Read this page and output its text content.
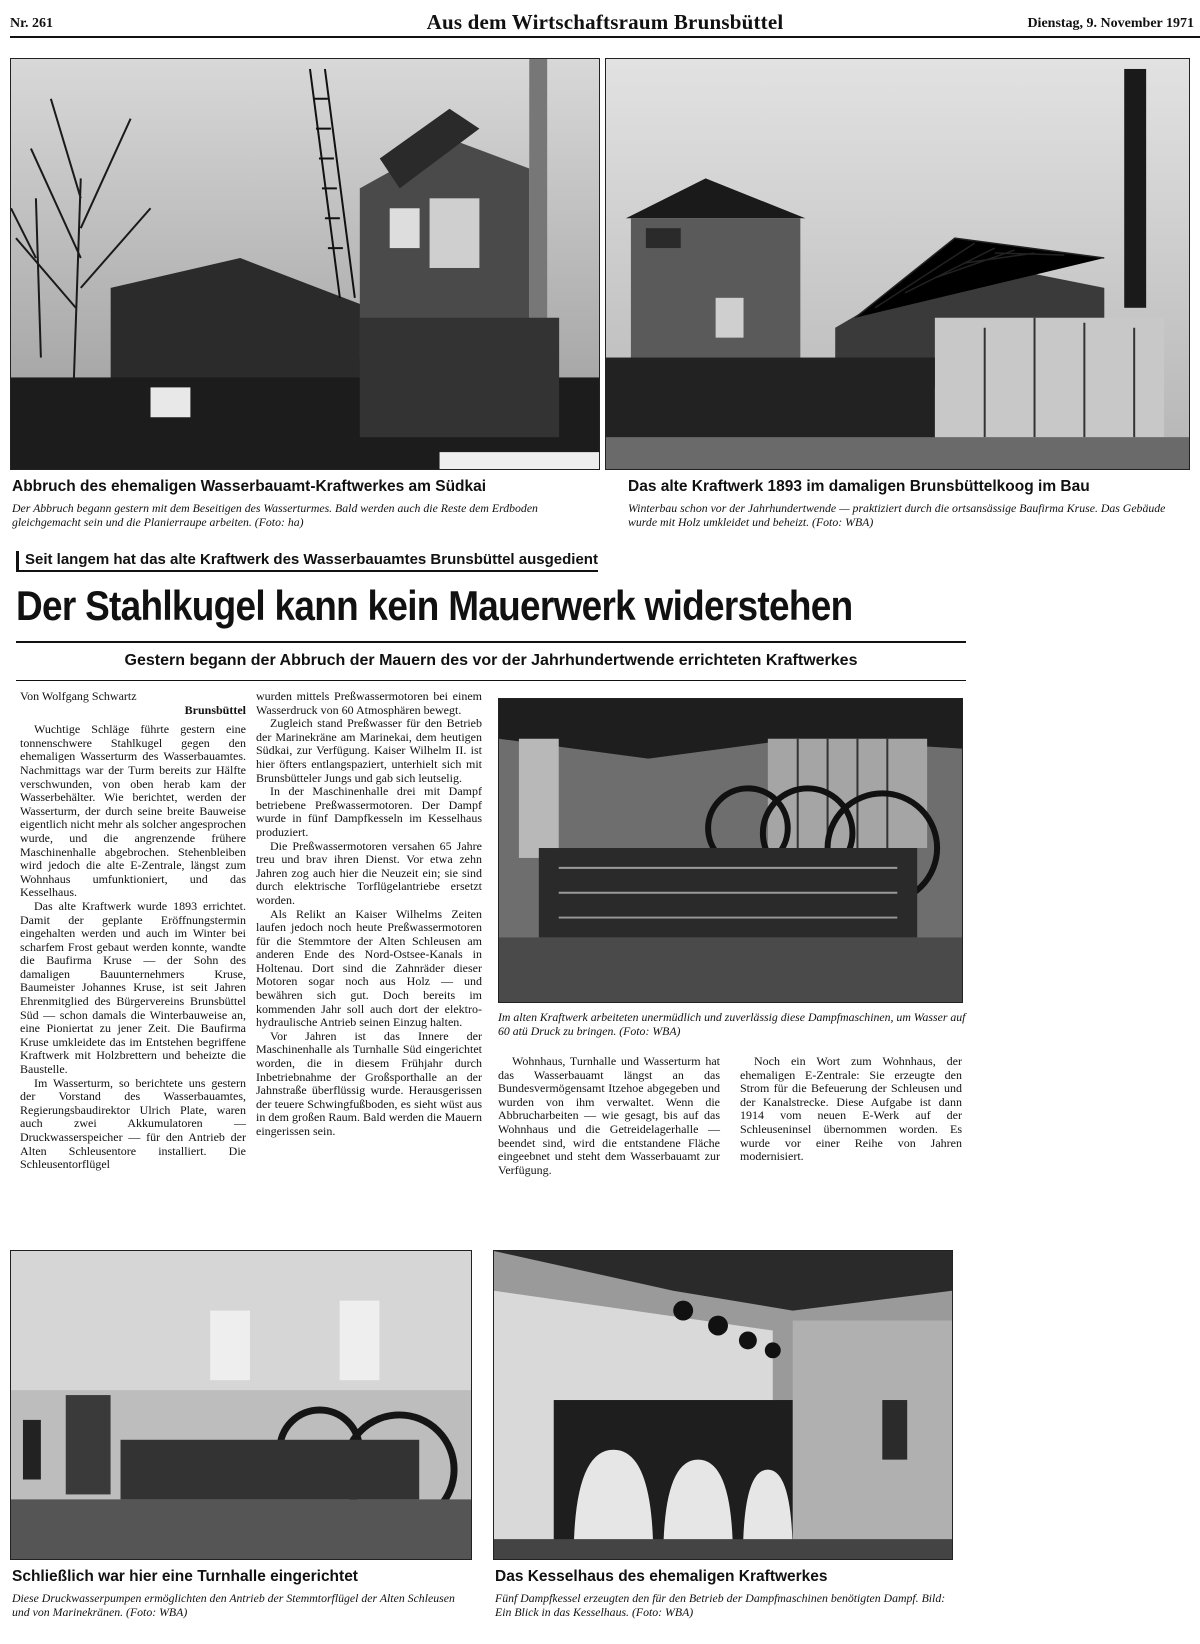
Nr. 261	Aus dem Wirtschaftsraum Brunsbüttel	Dienstag, 9. November 1971
Abbruch des ehemaligen Wasserbauamt-Kraftwerkes am Südkai
Der Abbruch begann gestern mit dem Beseitigen des Wasserturmes. Bald werden auch die Reste dem Erdboden gleichgemacht sein und die Planierraupe arbeiten. (Foto: ha)
Das alte Kraftwerk 1893 im damaligen Brunsbüttelkoog im Bau
Winterbau schon vor der Jahrhundertwende — praktiziert durch die ortsansässige Baufirma Kruse. Das Gebäude wurde mit Holz umkleidet und beheizt. (Foto: WBA)
Seit langem hat das alte Kraftwerk des Wasserbauamtes Brunsbüttel ausgedient
Der Stahlkugel kann kein Mauerwerk widerstehen
Gestern begann der Abbruch der Mauern des vor der Jahrhundertwende errichteten Kraftwerkes
Von Wolfgang Schwartz
Brunsbüttel

Wuchtige Schläge führte gestern eine tonnenschwere Stahlkugel gegen den ehemaligen Wasserturm des Wasserbauamtes. Nachmittags war der Turm bereits zur Hälfte verschwunden, von oben herab kam der Wasserbehälter. Wie berichtet, werden der Wasserturm, der durch seine breite Bauweise eigentlich nicht mehr als solcher angesprochen wurde, und die angrenzende frühere Maschinenhalle abgebrochen. Stehenbleiben wird jedoch die alte E-Zentrale, längst zum Wohnhaus umfunktioniert, und das Kesselhaus.

Das alte Kraftwerk wurde 1893 errichtet. Damit der geplante Eröffnungstermin eingehalten werden und auch im Winter bei scharfem Frost gebaut werden konnte, wandte die Baufirma Kruse — der Sohn des damaligen Bauunternehmers Kruse, Baumeister Johannes Kruse, ist seit Jahren Ehrenmitglied des Bürgervereins Brunsbüttel Süd — schon damals die Winterbauweise an, eine Pioniertat zu jener Zeit. Die Baufirma Kruse umkleidete das im Entstehen begriffene Kraftwerk mit Holzbrettern und beheizte die Baustelle.

Im Wasserturm, so berichtete uns gestern der Vorstand des Wasserbauamtes, Regierungsbaudirektor Ulrich Plate, waren auch zwei Akkumulatoren — Druckwasserspeicher — für den Antrieb der Alten Schleusentore installiert. Die Schleusentorflügel

wurden mittels Preßwassermotoren bei einem Wasserdruck von 60 Atmosphären bewegt.

Zugleich stand Preßwasser für den Betrieb der Marinekräne am Marinekai, dem heutigen Südkai, zur Verfügung. Kaiser Wilhelm II. ist hier öfters entlangspaziert, unterhielt sich mit Brunsbütteler Jungs und gab sich leutselig.

In der Maschinenhalle drei mit Dampf betriebene Preßwassermotoren. Der Dampf wurde in fünf Dampfkesseln im Kesselhaus produziert.

Die Preßwassermotoren versahen 65 Jahre treu und brav ihren Dienst. Vor etwa zehn Jahren zog auch hier die Neuzeit ein; sie sind durch elektrische Torflügelantriebe ersetzt worden.

Als Relikt an Kaiser Wilhelms Zeiten laufen jedoch noch heute Preßwassermotoren für die Stemmtore der Alten Schleusen am anderen Ende des Nord-Ostsee-Kanals in Holtenau. Dort sind die Zahnräder dieser Motoren sogar noch aus Holz — und bewähren sich gut. Doch bereits im kommenden Jahr soll auch dort der elektro-hydraulische Antrieb seinen Einzug halten.

Vor Jahren ist das Innere der Maschinenhalle als Turnhalle Süd eingerichtet worden, die in diesem Frühjahr durch Inbetriebnahme der Großsporthalle an der Jahnstraße überflüssig wurde. Herausgerissen der teuere Schwingfußboden, es sieht wüst aus in dem großen Raum. Bald werden die Mauern eingerissen sein.

Im alten Kraftwerk arbeiteten unermüdlich und zuverlässig diese Dampfmaschinen, um Wasser auf 60 atü Druck zu bringen. (Foto: WBA)

Wohnhaus, Turnhalle und Wasserturm hat das Wasserbauamt längst an das Bundesvermögensamt Itzehoe abgegeben und wurden von ihm verwaltet. Wenn die Abbrucharbeiten — wie gesagt, bis auf das Wohnhaus und die Getreidelagerhalle — beendet sind, wird die entstandene Fläche eingeebnet und steht dem Wasserbauamt zur Verfügung.

Noch ein Wort zum Wohnhaus, der ehemaligen E-Zentrale: Sie erzeugte den Strom für die Befeuerung der Schleusen und der Kanalstrecke. Diese Aufgabe ist dann 1914 vom neuen E-Werk auf der Schleuseninsel übernommen worden. Es wurde vor einer Reihe von Jahren modernisiert.

Schließlich war hier eine Turnhalle eingerichtet
Diese Druckwasserpumpen ermöglichten den Antrieb der Stemmtorflügel der Alten Schleusen und von Marinekränen. (Foto: WBA)
Das Kesselhaus des ehemaligen Kraftwerkes
Fünf Dampfkessel erzeugten den für den Betrieb der Dampfmaschinen benötigten Dampf. Bild: Ein Blick in das Kesselhaus. (Foto: WBA)
